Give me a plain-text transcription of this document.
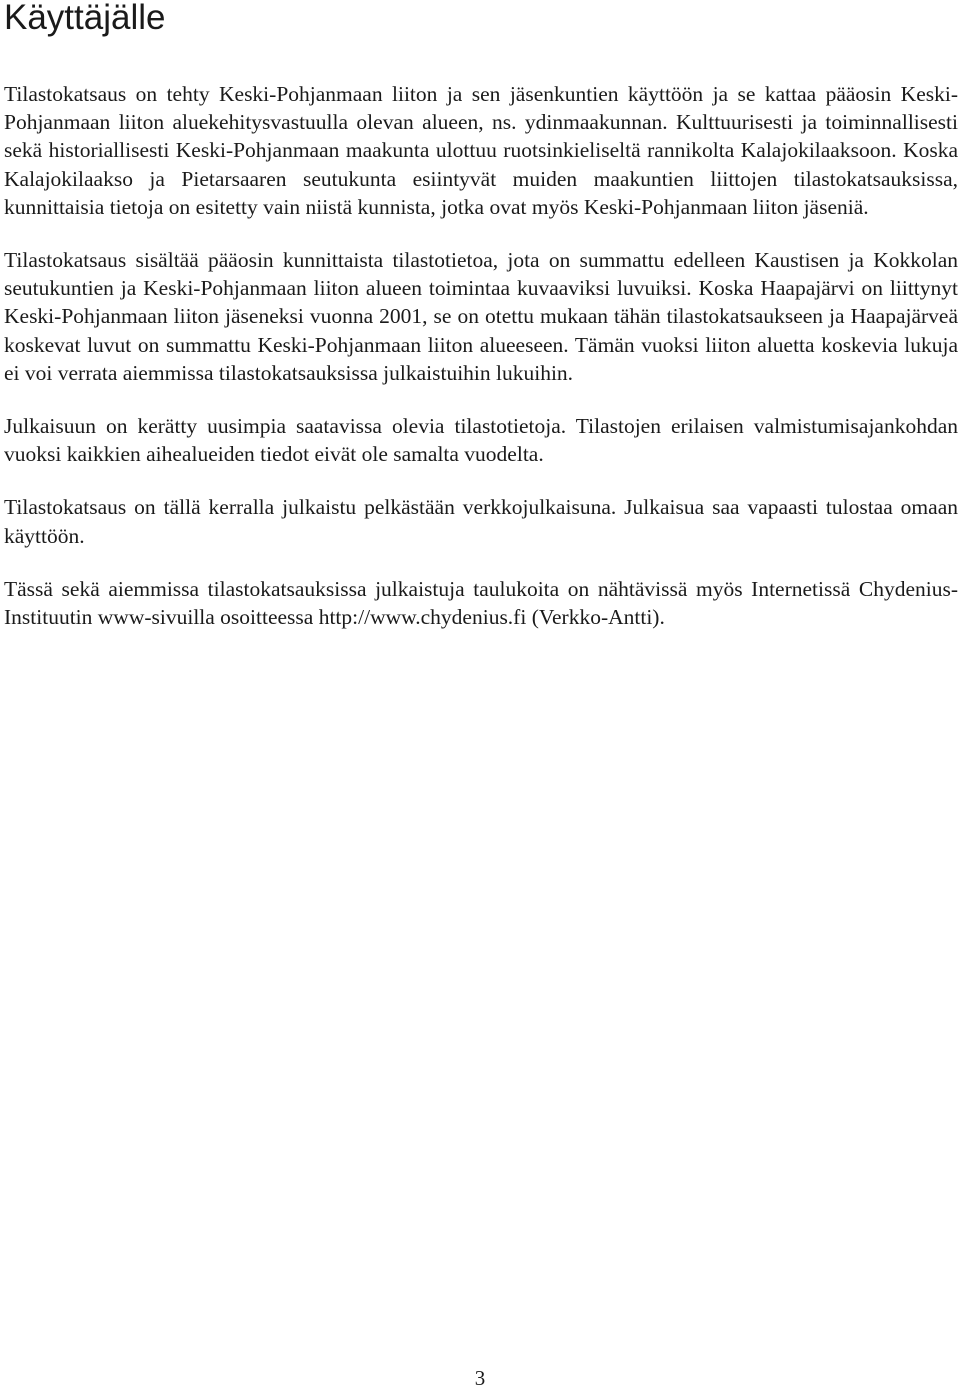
Käyttäjälle

Tilastokatsaus on tehty Keski-Pohjanmaan liiton ja sen jäsenkuntien käyttöön ja se kattaa pääosin Keski-Pohjanmaan liiton aluekehitysvastuulla olevan alueen, ns. ydinmaakunnan. Kulttuurisesti ja toiminnallisesti sekä historiallisesti Keski-Pohjanmaan maakunta ulottuu ruotsinkieliseltä rannikolta Kalajokilaaksoon. Koska Kalajokilaakso ja Pietarsaaren seutukunta esiintyvät muiden maakuntien liittojen tilastokatsauksissa, kunnittaisia tietoja on esitetty vain niistä kunnista, jotka ovat myös Keski-Pohjanmaan liiton jäseniä.

Tilastokatsaus sisältää pääosin kunnittaista tilastotietoa, jota on summattu edelleen Kaustisen ja Kokkolan seutukuntien ja Keski-Pohjanmaan liiton alueen toimintaa kuvaaviksi luvuiksi. Koska Haapajärvi on liittynyt Keski-Pohjanmaan liiton jäseneksi vuonna 2001, se on otettu mukaan tähän tilastokatsaukseen ja Haapajärveä koskevat luvut on summattu Keski-Pohjanmaan liiton alueeseen. Tämän vuoksi liiton aluetta koskevia lukuja ei voi verrata aiemmissa tilastokatsauksissa julkaistuihin lukuihin.

Julkaisuun on kerätty uusimpia saatavissa olevia tilastotietoja. Tilastojen erilaisen valmistumisajankohdan vuoksi kaikkien aihealueiden tiedot eivät ole samalta vuodelta.

Tilastokatsaus on tällä kerralla julkaistu pelkästään verkkojulkaisuna. Julkaisua saa vapaasti tulostaa omaan käyttöön.

Tässä sekä aiemmissa tilastokatsauksissa julkaistuja taulukoita on nähtävissä myös Internetissä Chydenius-Instituutin www-sivuilla osoitteessa http://www.chydenius.fi (Verkko-Antti).

3
